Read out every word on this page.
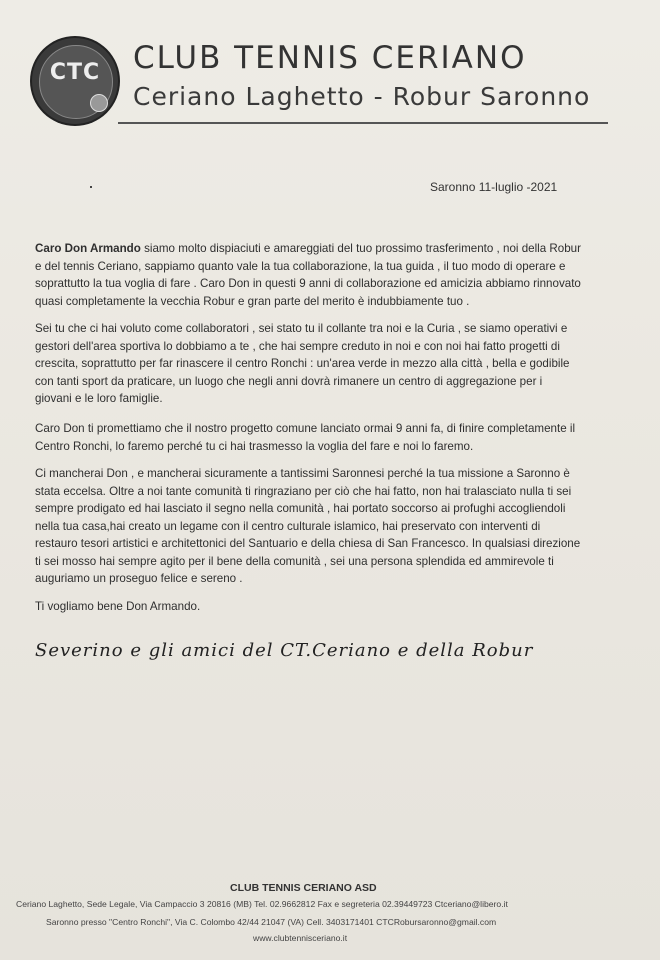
CTC	CLUB TENNIS CERIANO
Ceriano Laghetto - Robur Saronno
Saronno 11-luglio -2021
Caro Don Armando siamo molto dispiaciuti e amareggiati del tuo prossimo trasferimento , noi della Robur
e del tennis Ceriano, sappiamo quanto vale la tua collaborazione, la tua guida , il tuo modo di operare e
soprattutto la tua voglia di fare . Caro Don in questi 9 anni di collaborazione ed amicizia abbiamo rinnovato
quasi completamente la vecchia Robur e gran parte del merito è indubbiamente tuo .
Sei tu che ci hai voluto come collaboratori , sei stato tu il collante tra noi e la Curia , se siamo operativi e
gestori dell'area sportiva lo dobbiamo a te , che hai sempre creduto in noi e con noi hai fatto progetti di
crescita, soprattutto per far rinascere il centro Ronchi : un'area verde in mezzo alla città , bella e godibile
con tanti sport da praticare, un luogo che negli anni dovrà rimanere un centro di aggregazione per i
giovani e le loro famiglie.
Caro Don ti promettiamo che il nostro progetto comune lanciato ormai 9 anni fa, di finire completamente il
Centro Ronchi, lo faremo perché tu ci hai trasmesso la voglia del fare e noi lo faremo.
Ci mancherai Don , e mancherai sicuramente a tantissimi Saronnesi perché la tua missione a Saronno è
stata eccelsa. Oltre a noi tante comunità ti ringraziano per ciò che hai fatto, non hai tralasciato nulla ti sei
sempre prodigato ed hai lasciato il segno nella comunità , hai portato soccorso ai profughi accogliendoli
nella tua casa,hai creato un legame con il centro culturale islamico, hai preservato con interventi di
restauro tesori artistici e architettonici del Santuario e della chiesa di San Francesco. In qualsiasi direzione
ti sei mosso hai sempre agito per il bene della comunità , sei una persona splendida ed ammirevole ti
auguriamo un proseguo felice e sereno .
Ti vogliamo bene Don Armando.
Severino e gli amici del CT.Ceriano e della Robur
CLUB TENNIS CERIANO ASD
Ceriano Laghetto, Sede Legale, Via Campaccio 3 20816 (MB) Tel. 02.9662812 Fax e segreteria 02.39449723 Ctceriano@libero.it
Saronno presso "Centro Ronchi", Via C. Colombo 42/44 21047 (VA) Cell. 3403171401 CTCRobursaronno@gmail.com
www.clubtennisceriano.it
